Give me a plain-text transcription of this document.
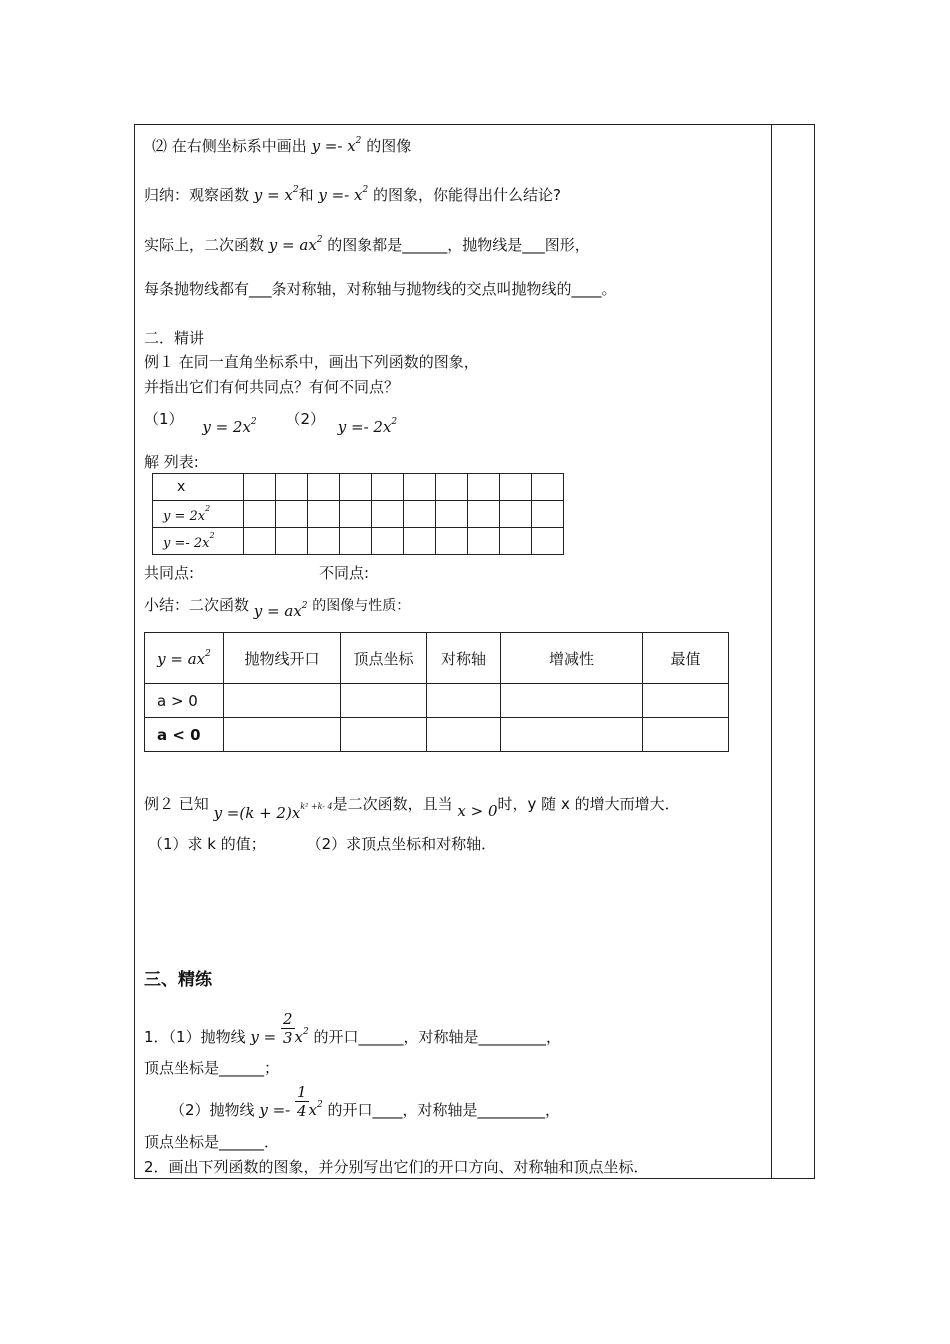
⑵ 在右侧坐标系中画出 $y =- x^2$ 的图像
归纳：观察函数 $y = x^2$和 $y =- x^2$ 的图象，你能得出什么结论?
实际上，二次函数 $y = ax^2$ 的图象都是______，抛物线是___图形，
每条抛物线都有___条对称轴，对称轴与抛物线的交点叫抛物线的____。
二．精讲
例１ 在同一直角坐标系中，画出下列函数的图象，
并指出它们有何共同点？有何不同点？
（1） y = 2x2 （2） y =- 2x2
解 列表:
x										
$y = 2x^2$										
$y =- 2x^2$										
共同点:	不同点:
小结：二次函数 y = ax2 的图像与性质：
$y = ax^2$	抛物线开口	顶点坐标	对称轴	增减性	最值
a > 0					
a < 0					
例２ 已知 y =(k + 2)xk² +k- 4是二次函数，且当 x > 0时，y 随 x 的增大而增大．
（1）求 k 的值；	（2）求顶点坐标和对称轴．
三、精练
1．（1）抛物线 $y = \frac{2}{3} x2$ 的开口______，对称轴是_________，
顶点坐标是______；
（2）抛物线 $y =- \frac{1}{4} x2$ 的开口____，对称轴是_________，
顶点坐标是______．
2．画出下列函数的图象，并分别写出它们的开口方向、对称轴和顶点坐标．
